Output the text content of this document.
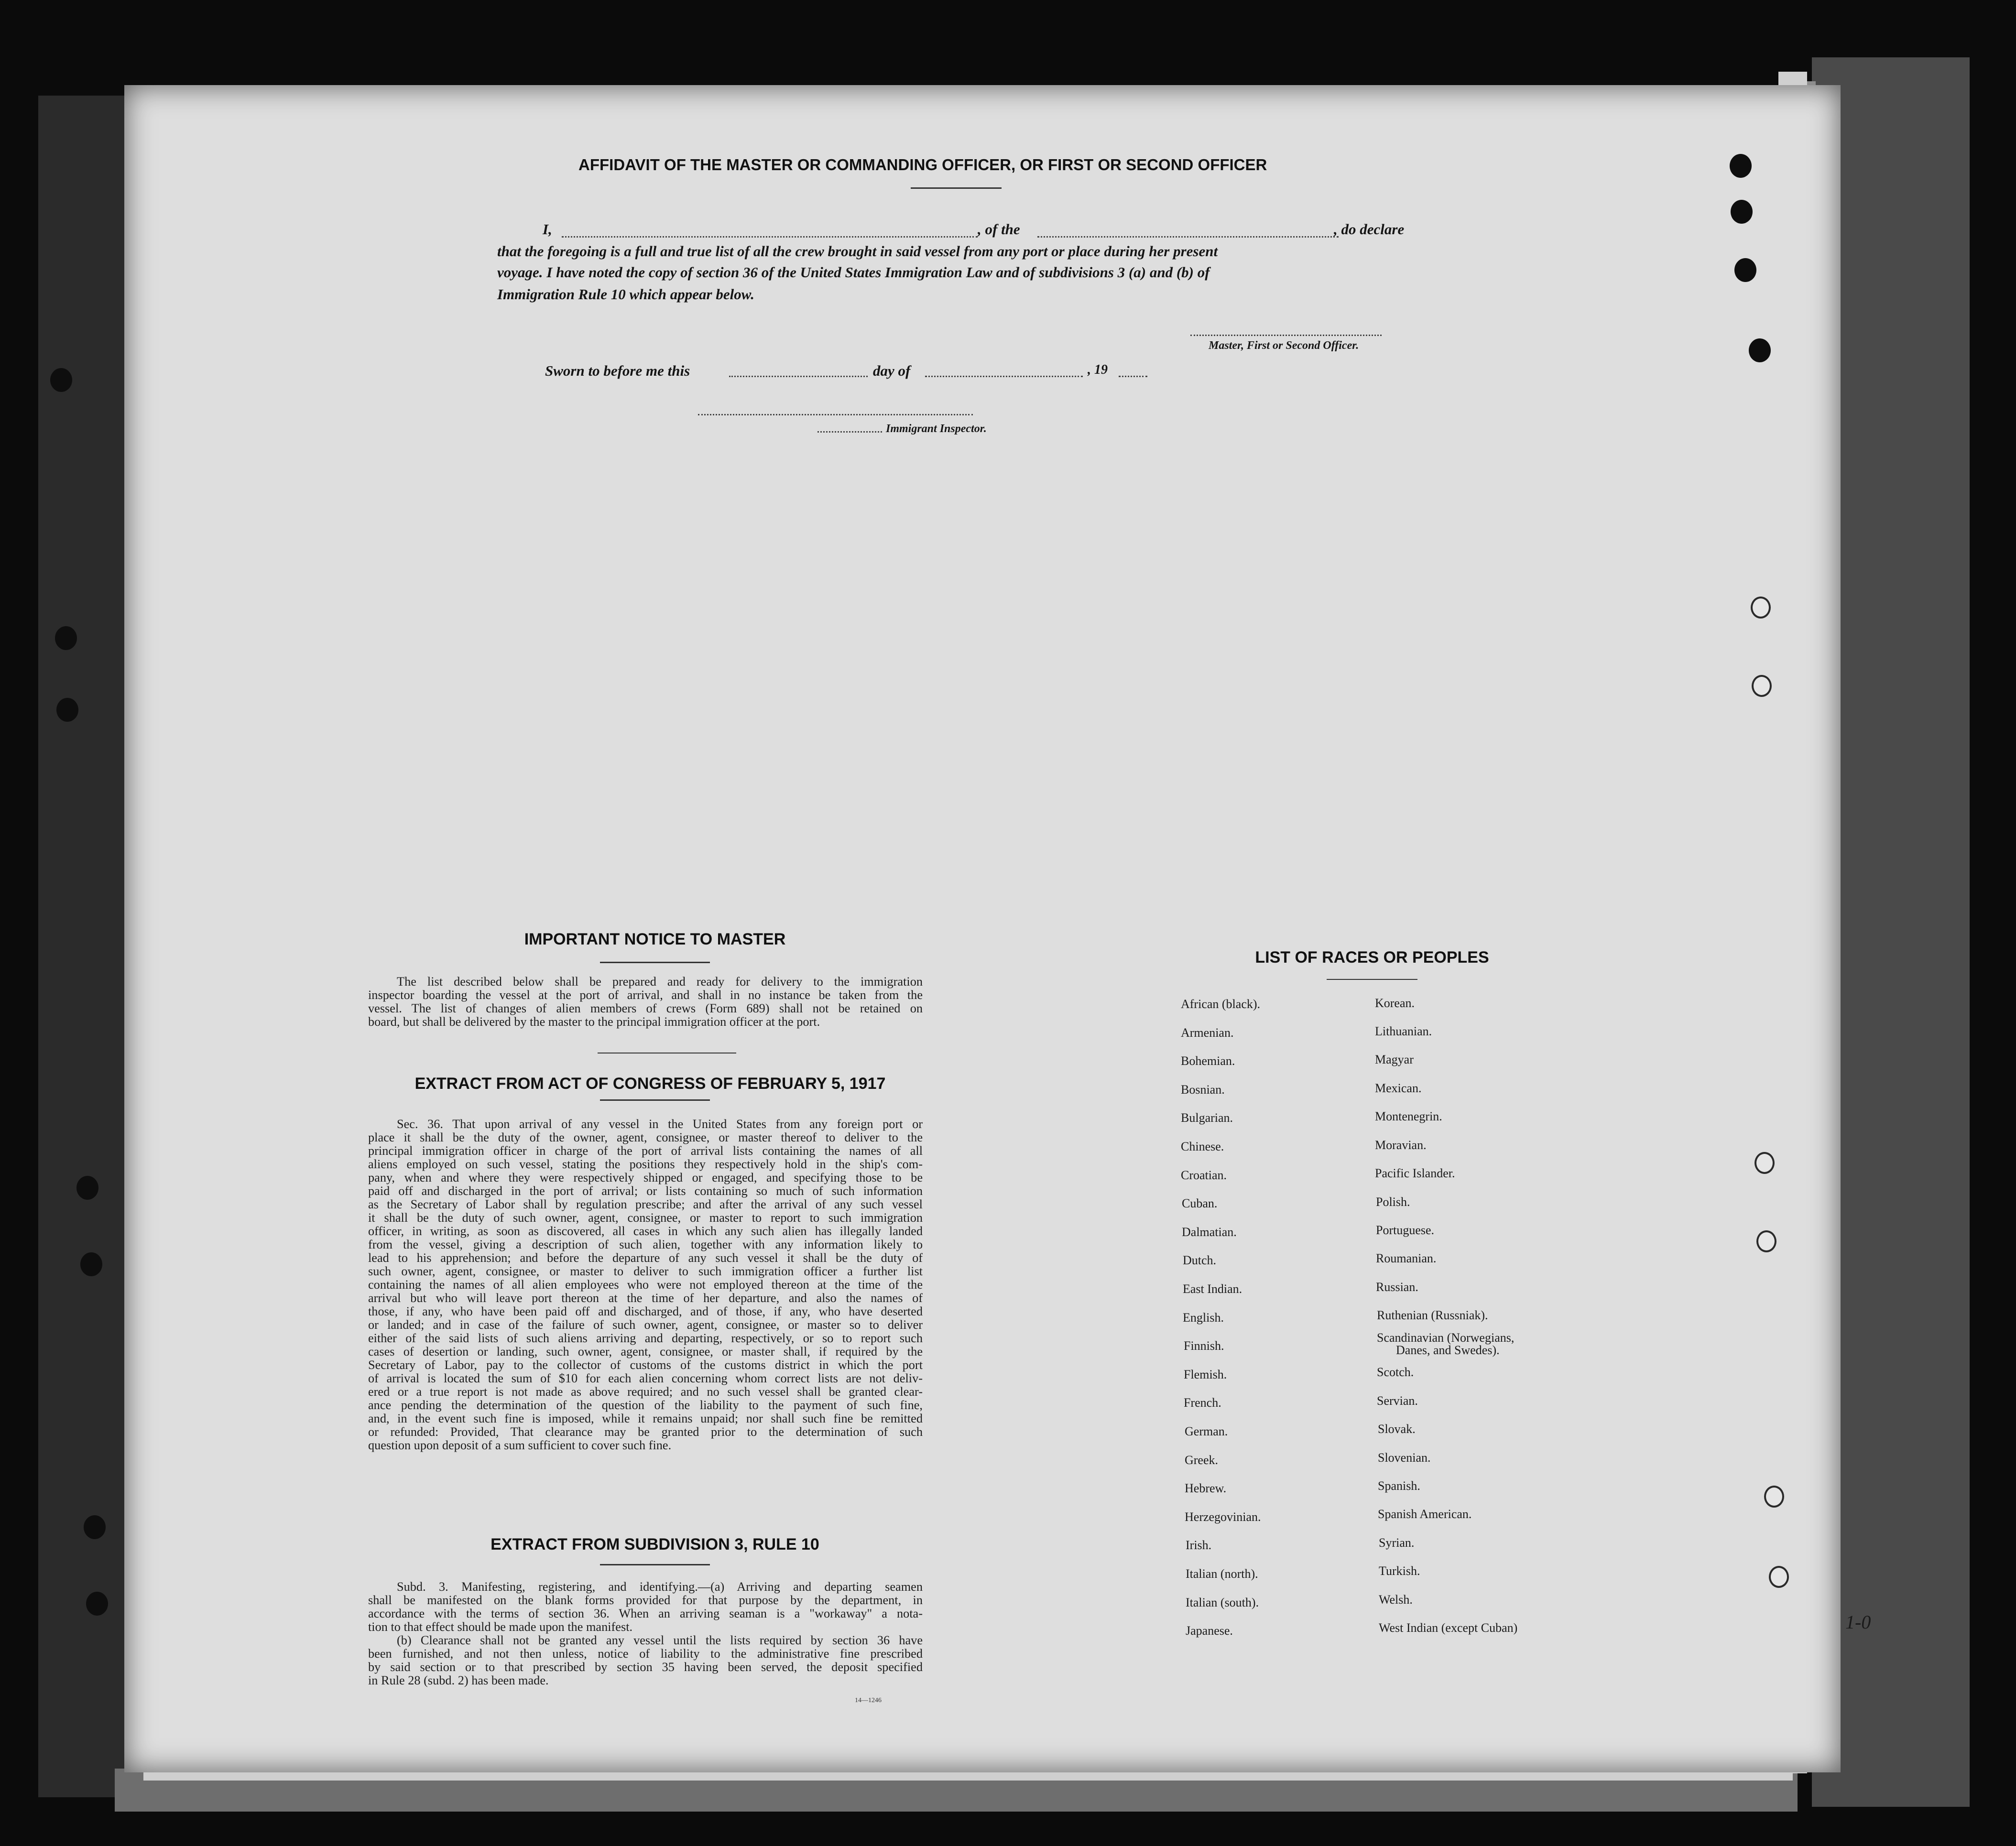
AFFIDAVIT OF THE MASTER OR COMMANDING OFFICER, OR FIRST OR SECOND OFFICER
I,	, of the	, do declare
that the foregoing is a full and true list of all the crew brought in said vessel from any port or place during her present
voyage. I have noted the copy of section 36 of the United States Immigration Law and of subdivisions 3 (a) and (b) of
Immigration Rule 10 which appear below.
Master, First or Second Officer.
Sworn to before me this	day of	, 19
Immigrant Inspector.
IMPORTANT NOTICE TO MASTER
The list described below shall be prepared and ready for delivery to the immigration
inspector boarding the vessel at the port of arrival, and shall in no instance be taken from the
vessel. The list of changes of alien members of crews (Form 689) shall not be retained on
board, but shall be delivered by the master to the principal immigration officer at the port.
EXTRACT FROM ACT OF CONGRESS OF FEBRUARY 5, 1917
Sec. 36. That upon arrival of any vessel in the United States from any foreign port or
place it shall be the duty of the owner, agent, consignee, or master thereof to deliver to the
principal immigration officer in charge of the port of arrival lists containing the names of all
aliens employed on such vessel, stating the positions they respectively hold in the ship's com-
pany, when and where they were respectively shipped or engaged, and specifying those to be
paid off and discharged in the port of arrival; or lists containing so much of such information
as the Secretary of Labor shall by regulation prescribe; and after the arrival of any such vessel
it shall be the duty of such owner, agent, consignee, or master to report to such immigration
officer, in writing, as soon as discovered, all cases in which any such alien has illegally landed
from the vessel, giving a description of such alien, together with any information likely to
lead to his apprehension; and before the departure of any such vessel it shall be the duty of
such owner, agent, consignee, or master to deliver to such immigration officer a further list
containing the names of all alien employees who were not employed thereon at the time of the
arrival but who will leave port thereon at the time of her departure, and also the names of
those, if any, who have been paid off and discharged, and of those, if any, who have deserted
or landed; and in case of the failure of such owner, agent, consignee, or master so to deliver
either of the said lists of such aliens arriving and departing, respectively, or so to report such
cases of desertion or landing, such owner, agent, consignee, or master shall, if required by the
Secretary of Labor, pay to the collector of customs of the customs district in which the port
of arrival is located the sum of $10 for each alien concerning whom correct lists are not deliv-
ered or a true report is not made as above required; and no such vessel shall be granted clear-
ance pending the determination of the question of the liability to the payment of such fine,
and, in the event such fine is imposed, while it remains unpaid; nor shall such fine be remitted
or refunded: Provided, That clearance may be granted prior to the determination of such
question upon deposit of a sum sufficient to cover such fine.
EXTRACT FROM SUBDIVISION 3, RULE 10
Subd. 3. Manifesting, registering, and identifying.—(a) Arriving and departing seamen
shall be manifested on the blank forms provided for that purpose by the department, in
accordance with the terms of section 36. When an arriving seaman is a "workaway" a nota-
tion to that effect should be made upon the manifest.
(b) Clearance shall not be granted any vessel until the lists required by section 36 have
been furnished, and not then unless, notice of liability to the administrative fine prescribed
by said section or to that prescribed by section 35 having been served, the deposit specified
in Rule 28 (subd. 2) has been made.
14—1246
LIST OF RACES OR PEOPLES
African (black).
Armenian.
Bohemian.
Bosnian.
Bulgarian.
Chinese.
Croatian.
Cuban.
Dalmatian.
Dutch.
East Indian.
English.
Finnish.
Flemish.
French.
German.
Greek.
Hebrew.
Herzegovinian.
Irish.
Italian (north).
Italian (south).
Japanese.
Korean.
Lithuanian.
Magyar
Mexican.
Montenegrin.
Moravian.
Pacific Islander.
Polish.
Portuguese.
Roumanian.
Russian.
Ruthenian (Russniak).
Scandinavian (Norwegians,
Danes, and Swedes).
Scotch.
Servian.
Slovak.
Slovenian.
Spanish.
Spanish American.
Syrian.
Turkish.
Welsh.
West Indian (except Cuban)	1-0
